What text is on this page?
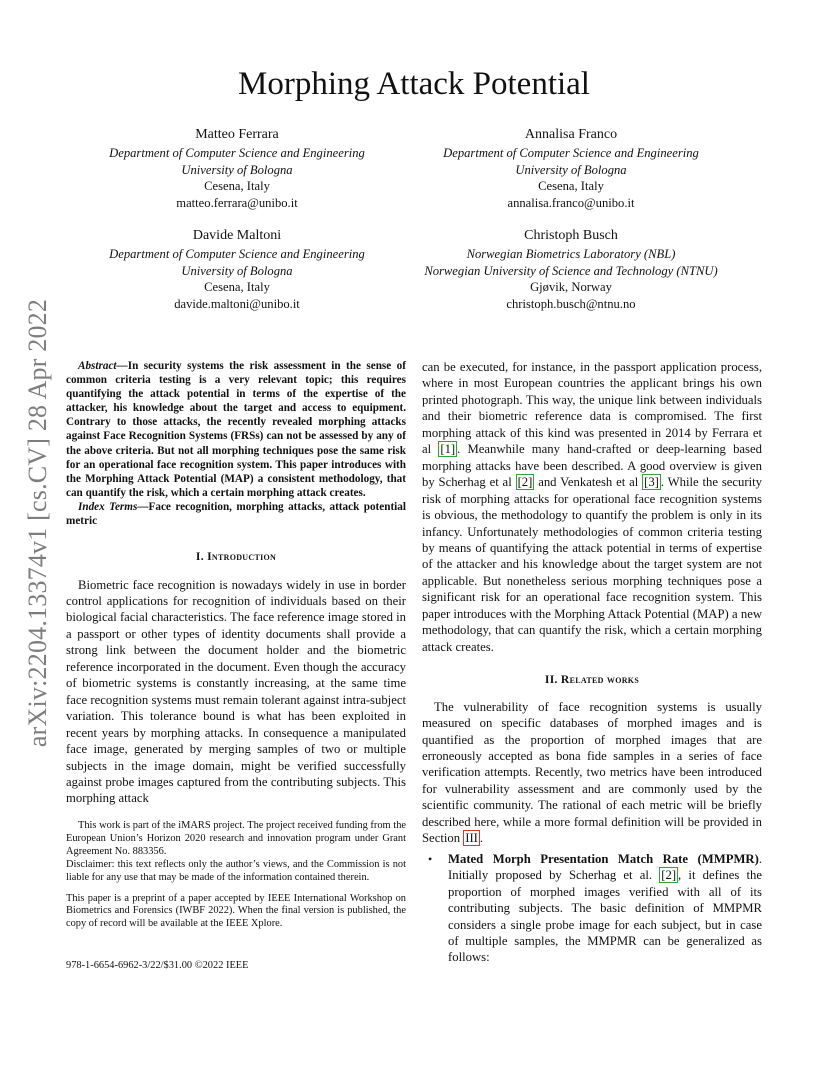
arXiv:2204.13374v1 [cs.CV] 28 Apr 2022
Morphing Attack Potential
Matteo Ferrara
Department of Computer Science and Engineering
University of Bologna
Cesena, Italy
matteo.ferrara@unibo.it
Annalisa Franco
Department of Computer Science and Engineering
University of Bologna
Cesena, Italy
annalisa.franco@unibo.it
Davide Maltoni
Department of Computer Science and Engineering
University of Bologna
Cesena, Italy
davide.maltoni@unibo.it
Christoph Busch
Norwegian Biometrics Laboratory (NBL)
Norwegian University of Science and Technology (NTNU)
Gjøvik, Norway
christoph.busch@ntnu.no

Abstract—In security systems the risk assessment in the sense of common criteria testing is a very relevant topic; this requires quantifying the attack potential in terms of the expertise of the attacker, his knowledge about the target and access to equipment. Contrary to those attacks, the recently revealed morphing attacks against Face Recognition Systems (FRSs) can not be assessed by any of the above criteria. But not all morphing techniques pose the same risk for an operational face recognition system. This paper introduces with the Morphing Attack Potential (MAP) a consistent methodology, that can quantify the risk, which a certain morphing attack creates.

Index Terms—Face recognition, morphing attacks, attack potential metric

I. Introduction

Biometric face recognition is nowadays widely in use in border control applications for recognition of individuals based on their biological facial characteristics. The face reference image stored in a passport or other types of identity documents shall provide a strong link between the document holder and the biometric reference incorporated in the document. Even though the accuracy of biometric systems is constantly increasing, at the same time face recognition systems must remain tolerant against intra-subject variation. This tolerance bound is what has been exploited in recent years by morphing attacks. In consequence a manipulated face image, generated by merging samples of two or multiple subjects in the image domain, might be verified successfully against probe images captured from the contributing subjects. This morphing attack

can be executed, for instance, in the passport application process, where in most European countries the applicant brings his own printed photograph. This way, the unique link between individuals and their biometric reference data is compromised. The first morphing attack of this kind was presented in 2014 by Ferrara et al [1] . Meanwhile many hand-crafted or deep-learning based morphing attacks have been described. A good overview is given by Scherhag et al [2] and Venkatesh et al [3] . While the security risk of morphing attacks for operational face recognition systems is obvious, the methodology to quantify the problem is only in its infancy. Unfortunately methodologies of common criteria testing by means of quantifying the attack potential in terms of expertise of the attacker and his knowledge about the target system are not applicable. But nonetheless serious morphing techniques pose a significant risk for an operational face recognition system. This paper introduces with the Morphing Attack Potential (MAP) a new methodology, that can quantify the risk, which a certain morphing attack creates.

II. Related works

The vulnerability of face recognition systems is usually measured on specific databases of morphed images and is quantified as the proportion of morphed images that are erroneously accepted as bona fide samples in a series of face verification attempts. Recently, two metrics have been introduced for vulnerability assessment and are commonly used by the scientific community. The rational of each metric will be briefly described here, while a more formal definition will be provided in Section III .

•	Mated Morph Presentation Match Rate (MMPMR). Initially proposed by Scherhag et al. [2] , it defines the proportion of morphed images verified with all of its contributing subjects. The basic definition of MMPMR considers a single probe image for each subject, but in case of multiple samples, the MMPMR can be generalized as follows:

This work is part of the iMARS project. The project received funding from the European Union’s Horizon 2020 research and innovation program under Grant Agreement No. 883356.

Disclaimer: this text reflects only the author’s views, and the Commission is not liable for any use that may be made of the information contained therein.

This paper is a preprint of a paper accepted by IEEE International Workshop on Biometrics and Forensics (IWBF 2022). When the final version is published, the copy of record will be available at the IEEE Xplore.

978-1-6654-6962-3/22/$31.00 ©2022 IEEE
